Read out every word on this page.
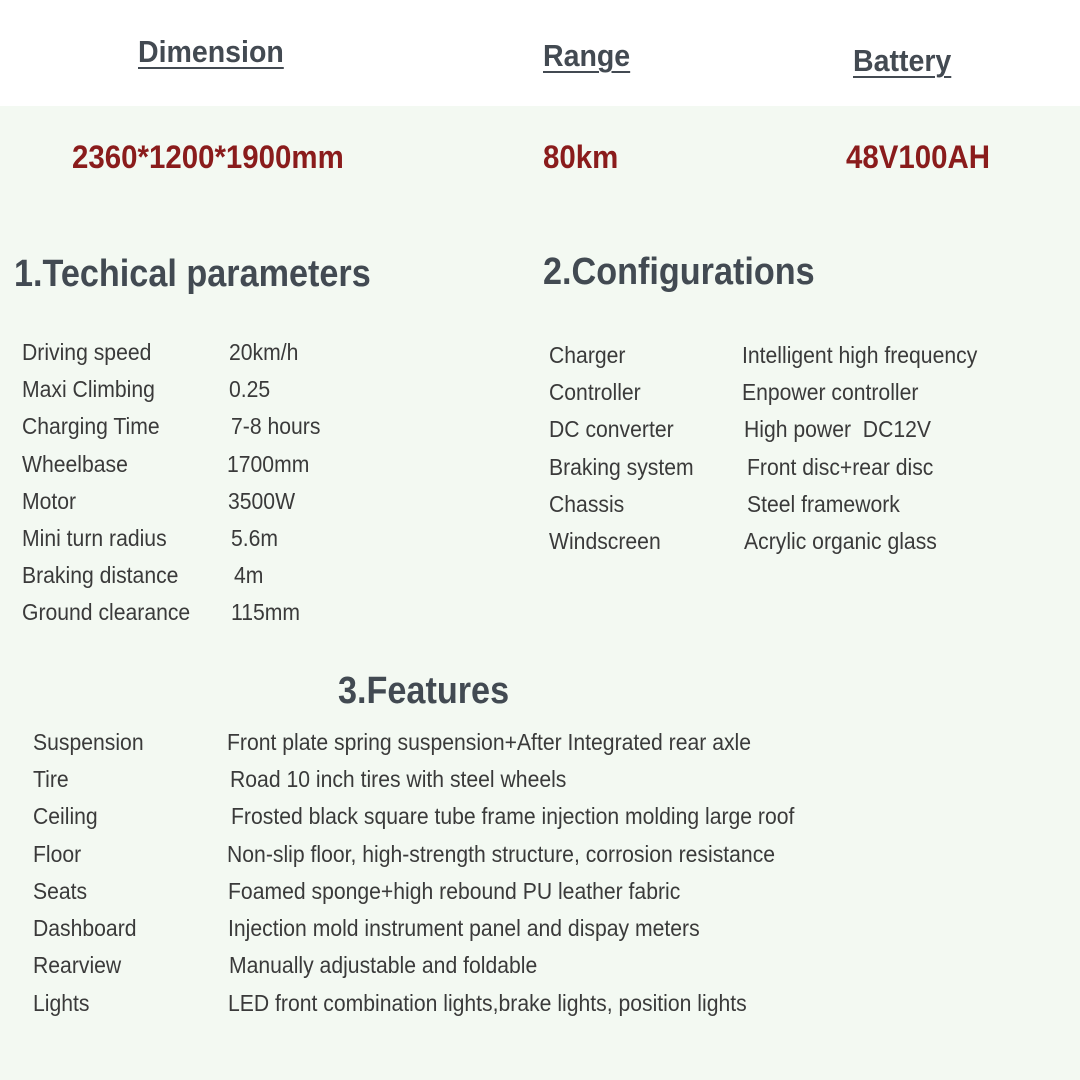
Dimension	Range	Battery
2360*1200*1900mm	80km	48V100AH
1.Techical parameters	2.Configurations
3.Features
Driving speed	20km/h
Maxi Climbing	0.25
Charging Time	7-8 hours
Wheelbase	1700mm
Motor	3500W
Mini turn radius	5.6m
Braking distance 4m
Ground clearance 115mm
Charger	Intelligent high frequency
Controller	Enpower controller
DC converter	High power  DC12V
Braking system Front disc+rear disc
Chassis	Steel framework
Windscreen	Acrylic organic glass
Suspension	Front plate spring suspension+After Integrated rear axle
Tire	Road 10 inch tires with steel wheels
Ceiling	Frosted black square tube frame injection molding large roof
Floor	Non-slip floor, high-strength structure, corrosion resistance
Seats	Foamed sponge+high rebound PU leather fabric
Dashboard	Injection mold instrument panel and dispay meters
Rearview	Manually adjustable and foldable
Lights	LED front combination lights,brake lights, position lights
